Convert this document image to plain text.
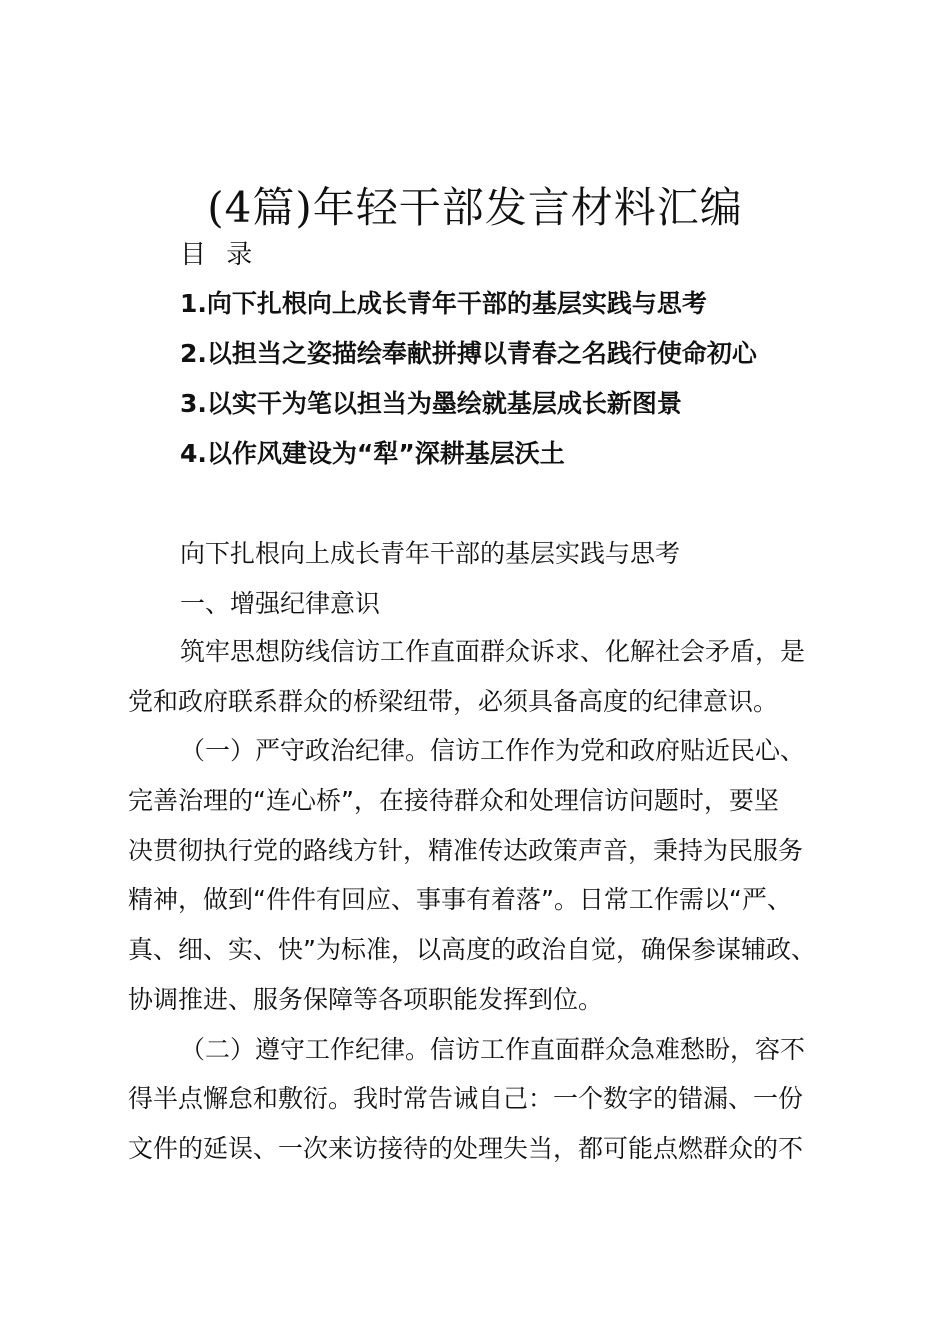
(4篇)年轻干部发言材料汇编
目 录
1.向下扎根向上成长青年干部的基层实践与思考
2.以担当之姿描绘奉献拼搏以青春之名践行使命初心
3.以实干为笔以担当为墨绘就基层成长新图景
4.以作风建设为“犁”深耕基层沃土
向下扎根向上成长青年干部的基层实践与思考
一、增强纪律意识
筑牢思想防线信访工作直面群众诉求、化解社会矛盾，是
党和政府联系群众的桥梁纽带，必须具备高度的纪律意识。
（一）严守政治纪律。信访工作作为党和政府贴近民心、
完善治理的“连心桥”，在接待群众和处理信访问题时，要坚
决贯彻执行党的路线方针，精准传达政策声音，秉持为民服务
精神，做到“件件有回应、事事有着落”。日常工作需以“严、
真、细、实、快”为标准，以高度的政治自觉，确保参谋辅政、
协调推进、服务保障等各项职能发挥到位。
（二）遵守工作纪律。信访工作直面群众急难愁盼，容不
得半点懈怠和敷衍。我时常告诫自己：一个数字的错漏、一份
文件的延误、一次来访接待的处理失当，都可能点燃群众的不
